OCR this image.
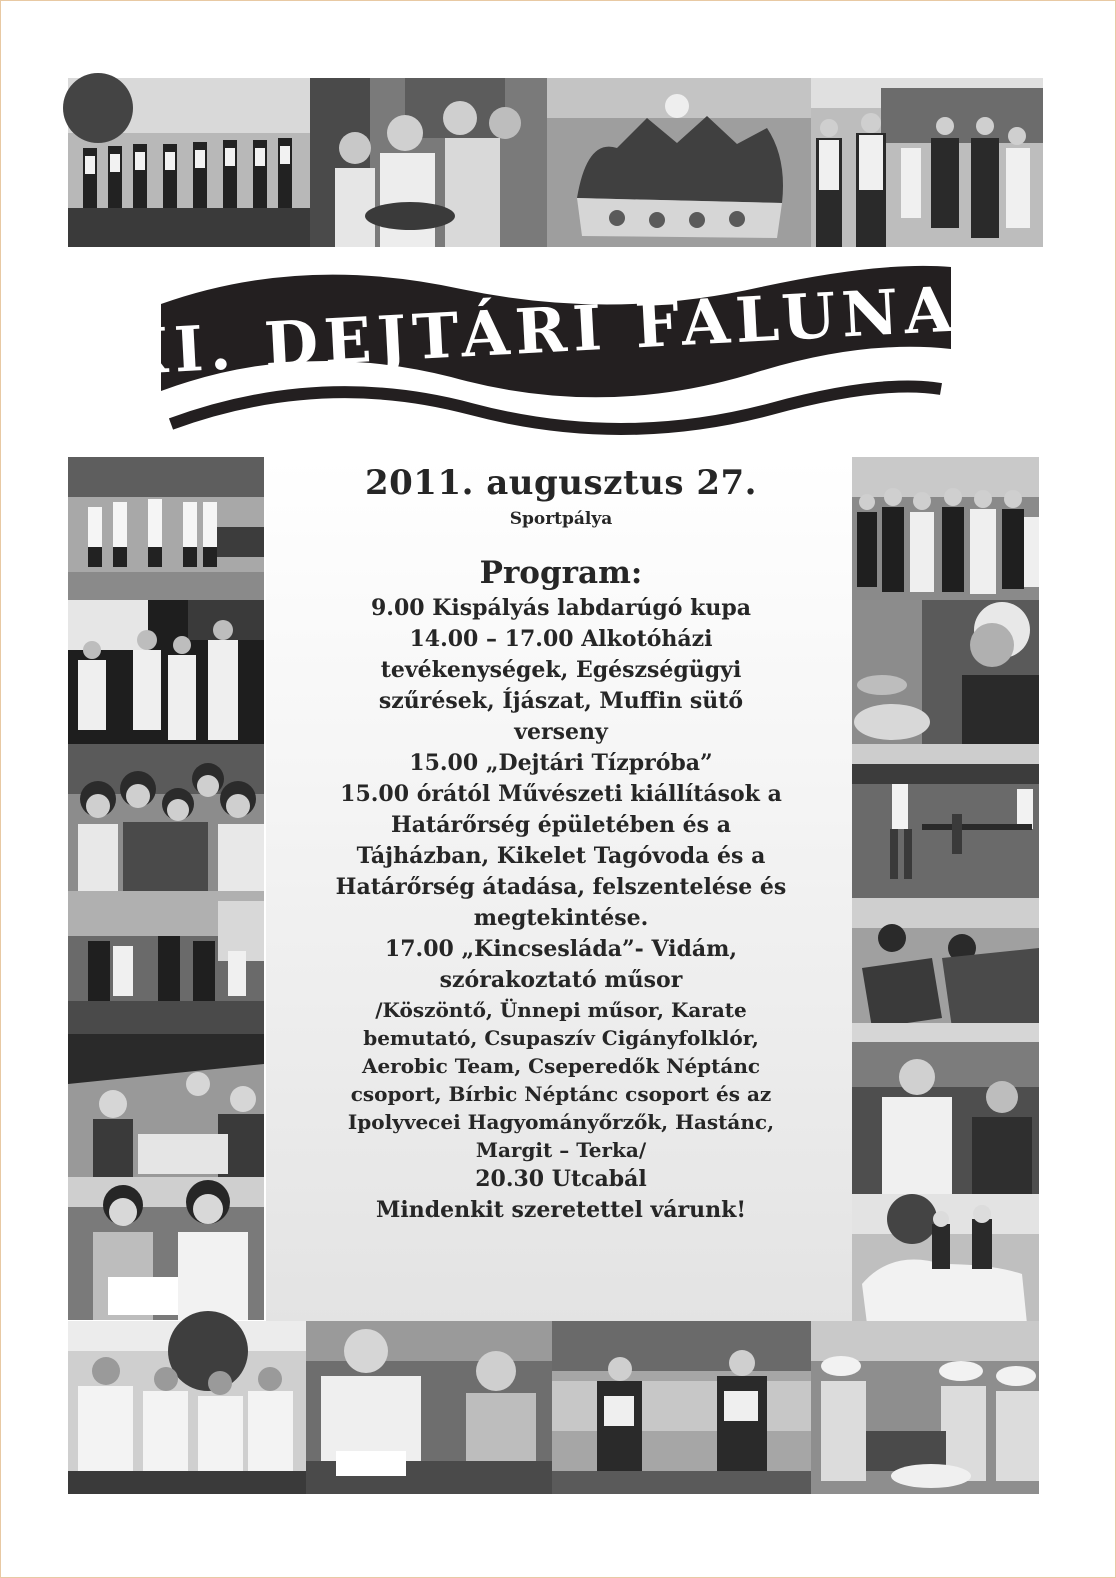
XI. DEJTÁRI FALUNAP
2011. augusztus 27.
Sportpálya
Program:
9.00 Kispályás labdarúgó kupa
14.00 – 17.00 Alkotóházi
tevékenységek, Egészségügyi
szűrések, Íjászat, Muffin sütő
verseny
15.00 „Dejtári Tízpróba”
15.00 órától Művészeti kiállítások a
Határőrség épületében és a
Tájházban, Kikelet Tagóvoda és a
Határőrség átadása, felszentelése és
megtekintése.
17.00 „Kincsesláda”- Vidám,
szórakoztató műsor
/Köszöntő, Ünnepi műsor, Karate
bemutató, Csupaszív Cigányfolklór,
Aerobic Team, Cseperedők Néptánc
csoport, Bírbic Néptánc csoport és az
Ipolyvecei Hagyományőrzők, Hastánc,
Margit – Terka/
20.30 Utcabál
Mindenkit szeretettel várunk!
